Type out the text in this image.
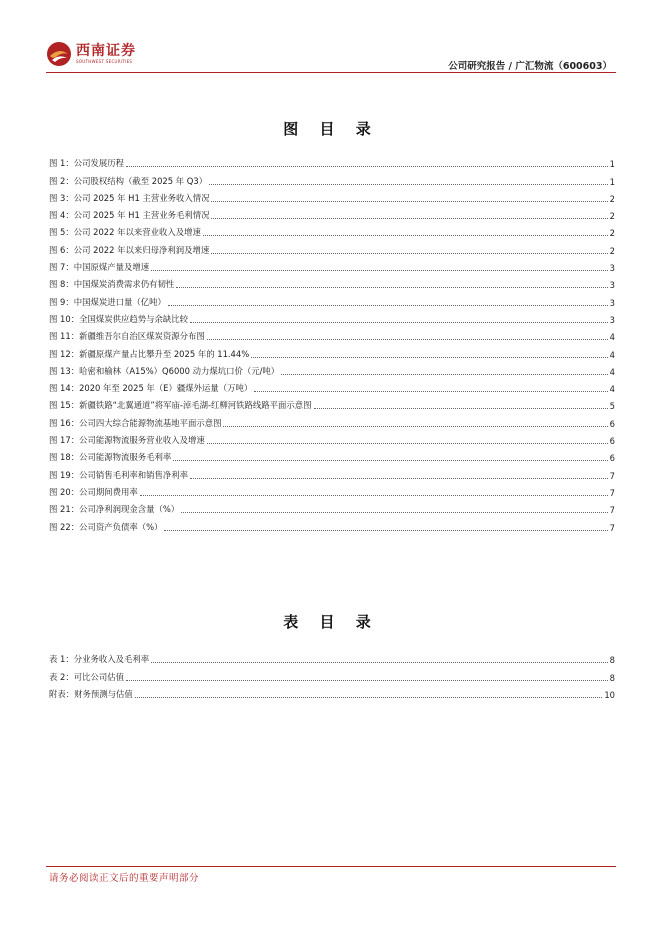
西南证券
SOUTHWEST SECURITIES	公司研究报告 / 广汇物流（600603）
图 目 录
图 1：公司发展历程	1
图 2：公司股权结构（截至 2025 年 Q3）	1
图 3：公司 2025 年 H1 主营业务收入情况	2
图 4：公司 2025 年 H1 主营业务毛利情况	2
图 5：公司 2022 年以来营业收入及增速	2
图 6：公司 2022 年以来归母净利润及增速	2
图 7：中国原煤产量及增速	3
图 8：中国煤炭消费需求仍有韧性	3
图 9：中国煤炭进口量（亿吨）	3
图 10：全国煤炭供应趋势与余缺比较	3
图 11：新疆维吾尔自治区煤炭资源分布图	4
图 12：新疆原煤产量占比攀升至 2025 年的 11.44%	4
图 13：哈密和榆林（A15%）Q6000 动力煤坑口价（元/吨）	4
图 14：2020 年至 2025 年（E）疆煤外运量（万吨）	4
图 15：新疆铁路“北翼通道”将军庙-淖毛湖-红柳河铁路线路平面示意图	5
图 16：公司四大综合能源物流基地平面示意图	6
图 17：公司能源物流服务营业收入及增速	6
图 18：公司能源物流服务毛利率	6
图 19：公司销售毛利率和销售净利率	7
图 20：公司期间费用率	7
图 21：公司净利润现金含量（%）	7
图 22：公司资产负债率（%）	7
表 目 录
表 1：分业务收入及毛利率	8
表 2：可比公司估值	8
附表：财务预测与估值	10
请务必阅读正文后的重要声明部分
